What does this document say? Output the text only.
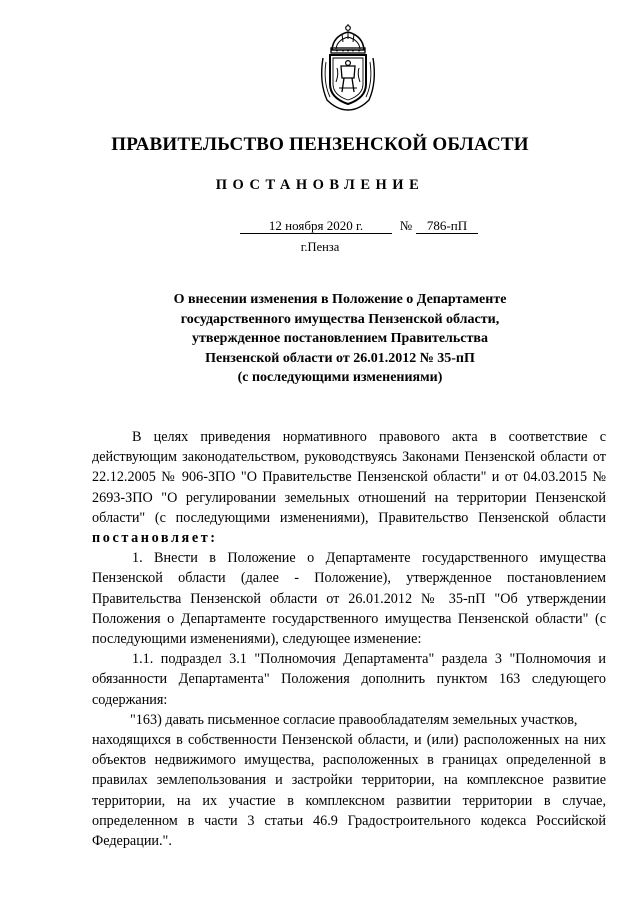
ПРАВИТЕЛЬСТВО ПЕНЗЕНСКОЙ ОБЛАСТИ
ПОСТАНОВЛЕНИЕ
12 ноября 2020 г.	№	786-пП
г.Пенза
О внесении изменения в Положение о Департаменте
государственного имущества Пензенской области,
утвержденное постановлением Правительства
Пензенской области от 26.01.2012 № 35-пП
(с последующими изменениями)

В целях приведения нормативного правового акта в соответствие с действующим законодательством, руководствуясь Законами Пензенской области от 22.12.2005 № 906-ЗПО "О Правительстве Пензенской области" и от 04.03.2015 № 2693-ЗПО "О регулировании земельных отношений на территории Пензенской области" (с последующими изменениями), Правительство Пензенской области постановляет:

1. Внести в Положение о Департаменте государственного имущества Пензенской области (далее - Положение), утвержденное постановлением Правительства Пензенской области от 26.01.2012 № 35-пП "Об утверждении Положения о Департаменте государственного имущества Пензенской области" (с последующими изменениями), следующее изменение:

1.1. подраздел 3.1 "Полномочия Департамента" раздела 3 "Полномочия и обязанности Департамента" Положения дополнить пунктом 163 следующего содержания:

"163) давать письменное согласие правообладателям земельных участков,

находящихся в собственности Пензенской области, и (или) расположенных на них объектов недвижимого имущества, расположенных в границах определенной в правилах землепользования и застройки территории, на комплексное развитие территории, на их участие в комплексном развитии территории в случае, определенном в части 3 статьи 46.9 Градостроительного кодекса Российской Федерации.".
